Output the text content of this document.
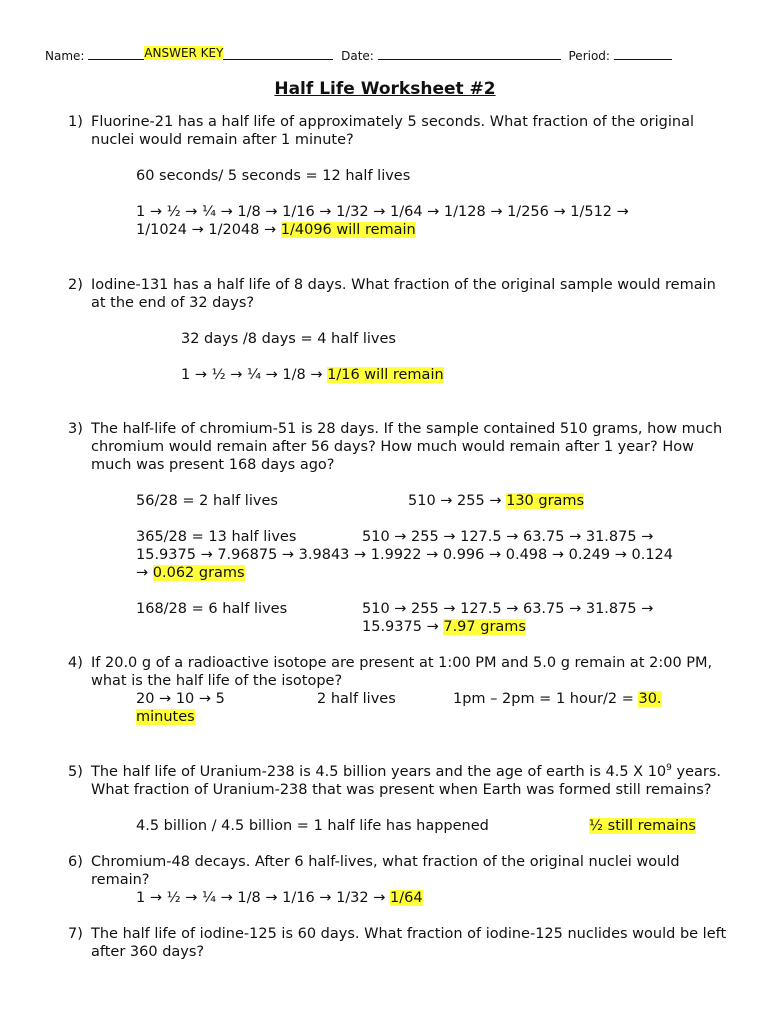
Name:	ANSWER KEY	Date:	Period:
Half Life Worksheet #2
1) Fluorine-21 has a half life of approximately 5 seconds. What fraction of the original nuclei would remain after 1 minute?
60 seconds/ 5 seconds = 12 half lives
1 → ½ → ¼ → 1/8 → 1/16 → 1/32 → 1/64 → 1/128 → 1/256 → 1/512 →
1/1024 → 1/2048 → 1/4096 will remain
2) Iodine-131 has a half life of 8 days. What fraction of the original sample would remain at the end of 32 days?
32 days /8 days = 4 half lives
1 → ½ → ¼ → 1/8 → 1/16 will remain
3) The half-life of chromium-51 is 28 days. If the sample contained 510 grams, how much chromium would remain after 56 days? How much would remain after 1 year? How much was present 168 days ago?
56/28 = 2 half lives	510 → 255 → 130 grams
365/28 = 13 half lives	510 → 255 → 127.5 → 63.75 → 31.875 →
15.9375 → 7.96875 → 3.9843 → 1.9922 → 0.996 → 0.498 → 0.249 → 0.124
→ 0.062 grams
168/28 = 6 half lives	510 → 255 → 127.5 → 63.75 → 31.875 →
15.9375 → 7.97 grams
4) If 20.0 g of a radioactive isotope are present at 1:00 PM and 5.0 g remain at 2:00 PM, what is the half life of the isotope?
20 → 10 → 5	2 half lives	1pm – 2pm = 1 hour/2 = 30.
minutes
5) The half life of Uranium-238 is 4.5 billion years and the age of earth is 4.5 X $10^9$ years. What fraction of Uranium-238 that was present when Earth was formed still remains?
4.5 billion / 4.5 billion = 1 half life has happened	½ still remains
6) Chromium-48 decays. After 6 half-lives, what fraction of the original nuclei would remain?
1 → ½ → ¼ → 1/8 → 1/16 → 1/32 → 1/64
7) The half life of iodine-125 is 60 days. What fraction of iodine-125 nuclides would be left after 360 days?
